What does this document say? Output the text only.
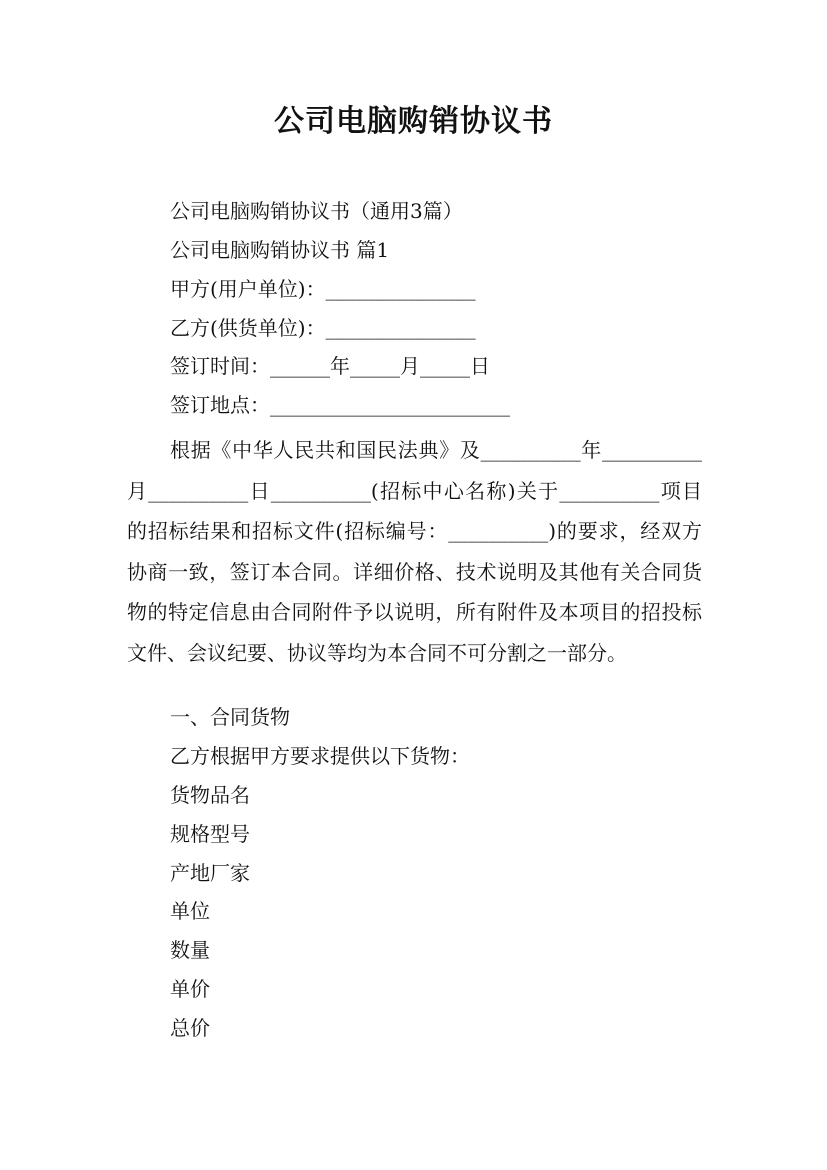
公司电脑购销协议书
公司电脑购销协议书（通用3篇）
公司电脑购销协议书 篇1
甲方(用户单位)：_______________
乙方(供货单位)：_______________
签订时间：______年_____月_____日
签订地点：________________________
根据《中华人民共和国民法典》及__________年__________月__________日__________(招标中心名称)关于__________项目的招标结果和招标文件(招标编号：__________)的要求，经双方协商一致，签订本合同。详细价格、技术说明及其他有关合同货物的特定信息由合同附件予以说明，所有附件及本项目的招投标文件、会议纪要、协议等均为本合同不可分割之一部分。
一、合同货物
乙方根据甲方要求提供以下货物：
货物品名
规格型号
产地厂家
单位
数量
单价
总价
